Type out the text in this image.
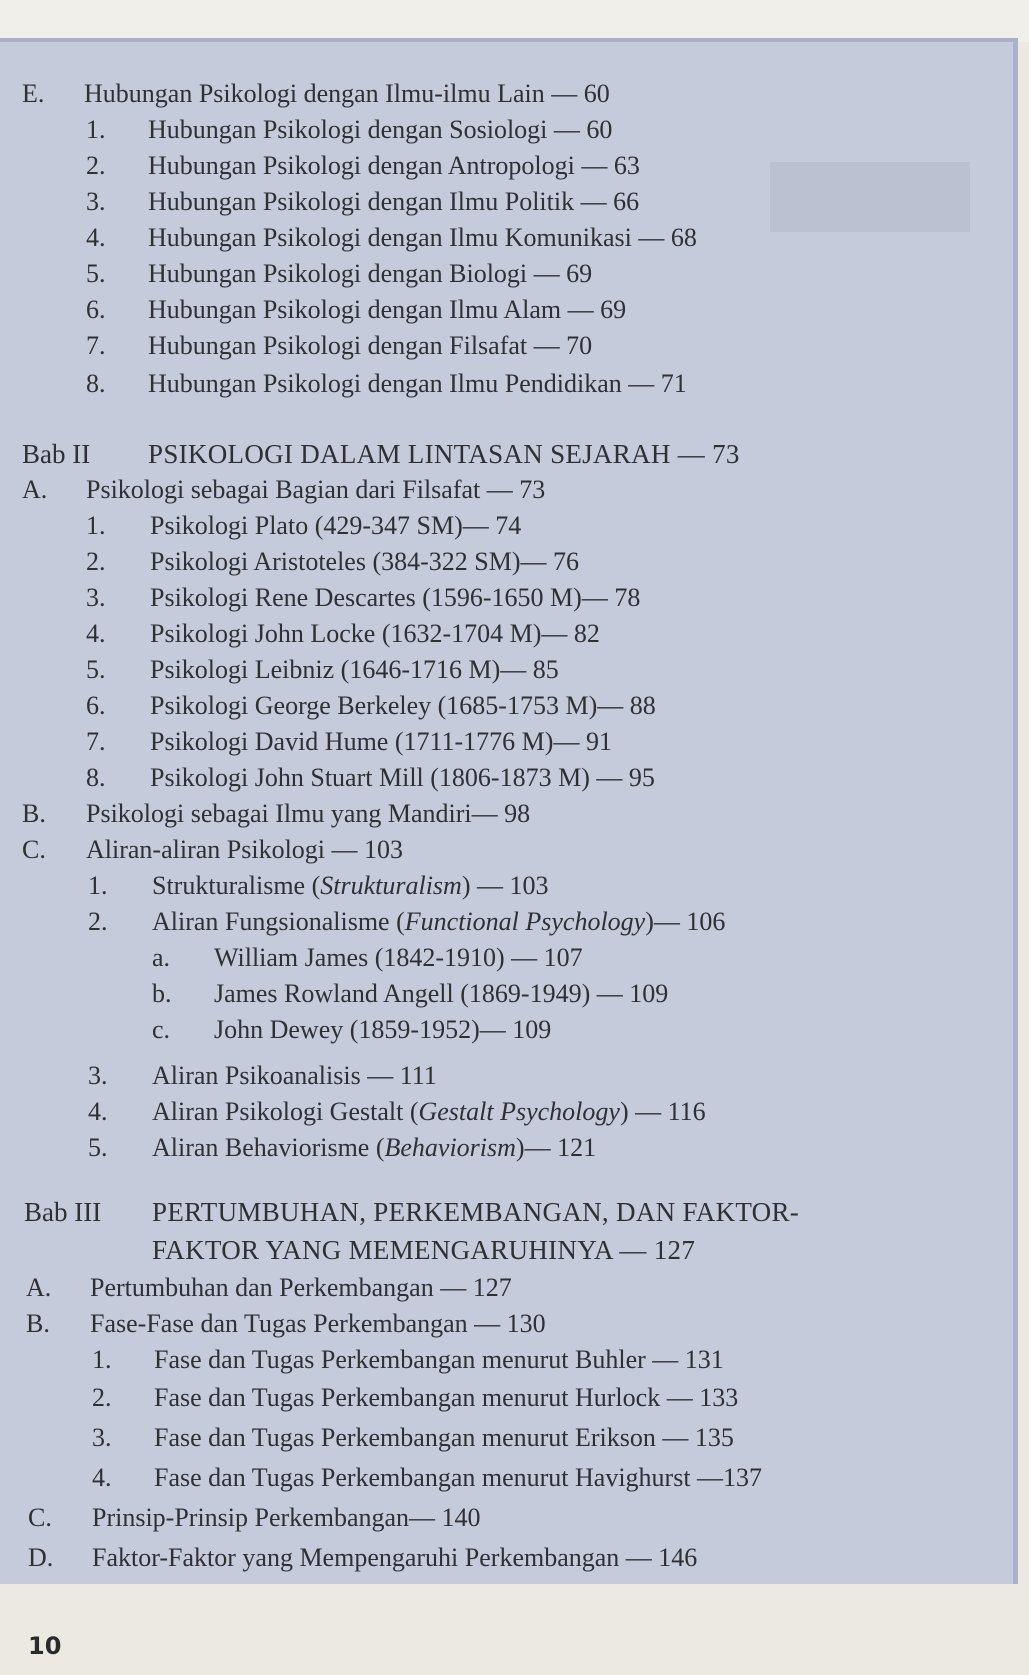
E. Hubungan Psikologi dengan Ilmu-ilmu Lain — 60
1. Hubungan Psikologi dengan Sosiologi — 60
2. Hubungan Psikologi dengan Antropologi — 63
3. Hubungan Psikologi dengan Ilmu Politik — 66
4. Hubungan Psikologi dengan Ilmu Komunikasi — 68
5. Hubungan Psikologi dengan Biologi — 69
6. Hubungan Psikologi dengan Ilmu Alam — 69
7. Hubungan Psikologi dengan Filsafat — 70
8. Hubungan Psikologi dengan Ilmu Pendidikan — 71
Bab II PSIKOLOGI DALAM LINTASAN SEJARAH — 73
A. Psikologi sebagai Bagian dari Filsafat — 73
1. Psikologi Plato (429-347 SM)— 74
2. Psikologi Aristoteles (384-322 SM)— 76
3. Psikologi Rene Descartes (1596-1650 M)— 78
4. Psikologi John Locke (1632-1704 M)— 82
5. Psikologi Leibniz (1646-1716 M)— 85
6. Psikologi George Berkeley (1685-1753 M)— 88
7. Psikologi David Hume (1711-1776 M)— 91
8. Psikologi John Stuart Mill (1806-1873 M) — 95
B. Psikologi sebagai Ilmu yang Mandiri— 98
C. Aliran-aliran Psikologi — 103
1. Strukturalisme (Strukturalism) — 103
2. Aliran Fungsionalisme (Functional Psychology)— 106
a. William James (1842-1910) — 107
b. James Rowland Angell (1869-1949) — 109
c. John Dewey (1859-1952)— 109
3. Aliran Psikoanalisis — 111
4. Aliran Psikologi Gestalt (Gestalt Psychology) — 116
5. Aliran Behaviorisme (Behaviorism)— 121
Bab III PERTUMBUHAN, PERKEMBANGAN, DAN FAKTOR-
FAKTOR YANG MEMENGARUHINYA — 127
A. Pertumbuhan dan Perkembangan — 127
B. Fase-Fase dan Tugas Perkembangan — 130
1. Fase dan Tugas Perkembangan menurut Buhler — 131
2. Fase dan Tugas Perkembangan menurut Hurlock — 133
3. Fase dan Tugas Perkembangan menurut Erikson — 135
4. Fase dan Tugas Perkembangan menurut Havighurst —137
C. Prinsip-Prinsip Perkembangan— 140
D. Faktor-Faktor yang Mempengaruhi Perkembangan — 146
10
